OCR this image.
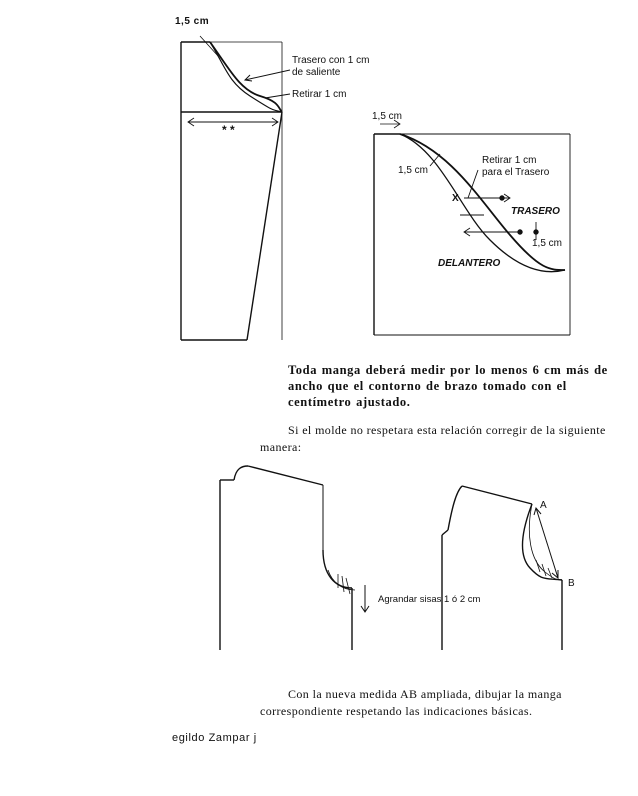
1,5 cm
Trasero con 1 cm
de saliente
Retirar 1 cm
* *
1,5 cm
1,5 cm
Retirar 1 cm
para el Trasero
X
TRASERO
1,5 cm
DELANTERO
Toda manga deberá medir por lo menos 6 cm más de ancho que el contorno de brazo tomado con el centímetro ajustado.
Si el molde no respetara esta relación corregir de la siguiente manera:
Agrandar sisas 1 ó 2 cm
A
B
Con la nueva medida AB ampliada, dibujar la manga correspondiente respetando las indicaciones básicas.
egildo Zampar j
